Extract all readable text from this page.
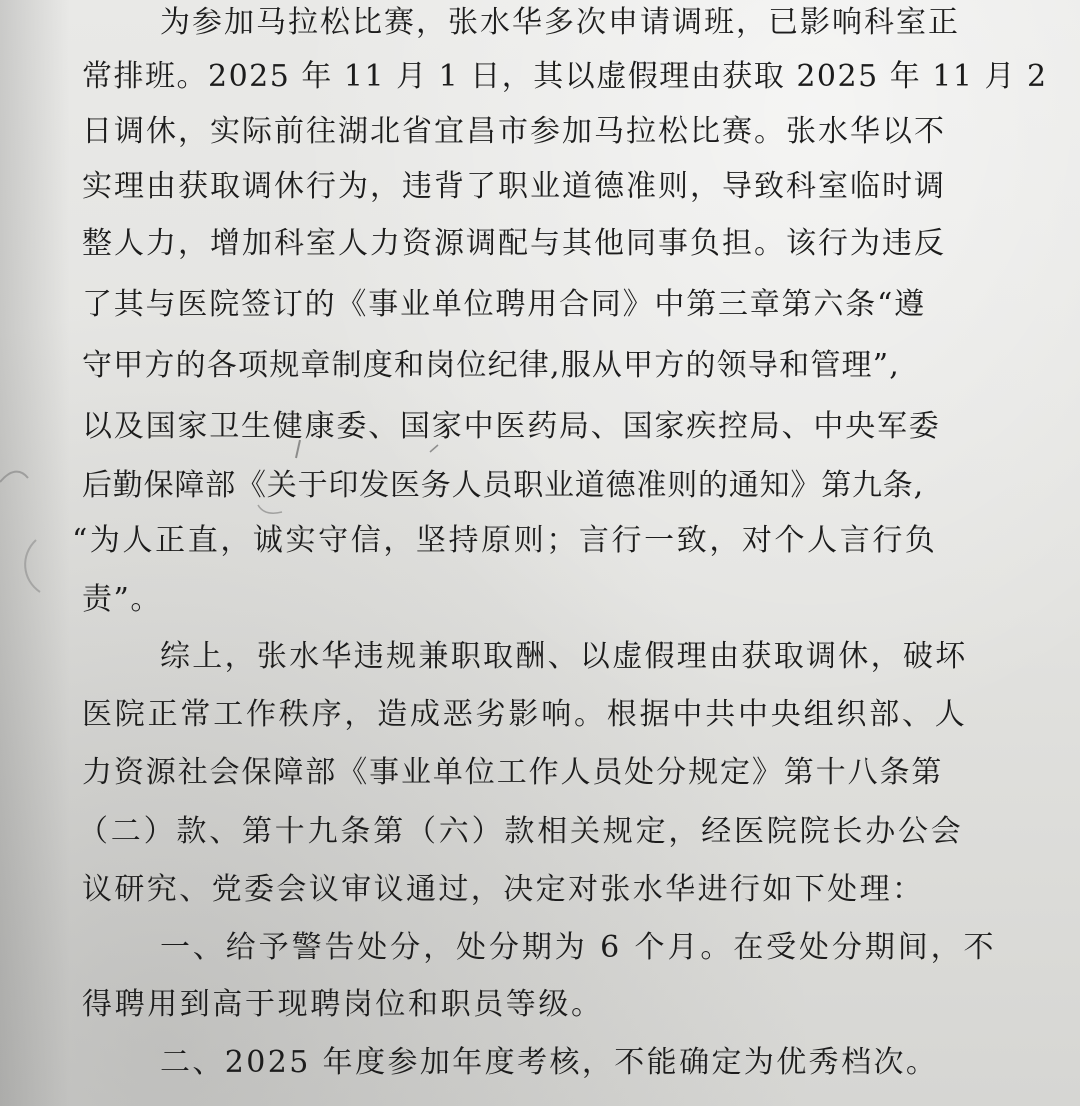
为参加马拉松比赛，张水华多次申请调班，已影响科室正
常排班。2025 年 11 月 1 日，其以虚假理由获取 2025 年 11 月 2
日调休，实际前往湖北省宜昌市参加马拉松比赛。张水华以不
实理由获取调休行为，违背了职业道德准则，导致科室临时调
整人力，增加科室人力资源调配与其他同事负担。该行为违反
了其与医院签订的《事业单位聘用合同》中第三章第六条“遵
守甲方的各项规章制度和岗位纪律,服从甲方的领导和管理”,
以及国家卫生健康委、国家中医药局、国家疾控局、中央军委
后勤保障部《关于印发医务人员职业道德准则的通知》第九条,
“为人正直，诚实守信，坚持原则；言行一致，对个人言行负
责”。
综上，张水华违规兼职取酬、以虚假理由获取调休，破坏
医院正常工作秩序，造成恶劣影响。根据中共中央组织部、人
力资源社会保障部《事业单位工作人员处分规定》第十八条第
（二）款、第十九条第（六）款相关规定，经医院院长办公会
议研究、党委会议审议通过，决定对张水华进行如下处理：
一、给予警告处分，处分期为 6 个月。在受处分期间，不
得聘用到高于现聘岗位和职员等级。
二、2025 年度参加年度考核，不能确定为优秀档次。
